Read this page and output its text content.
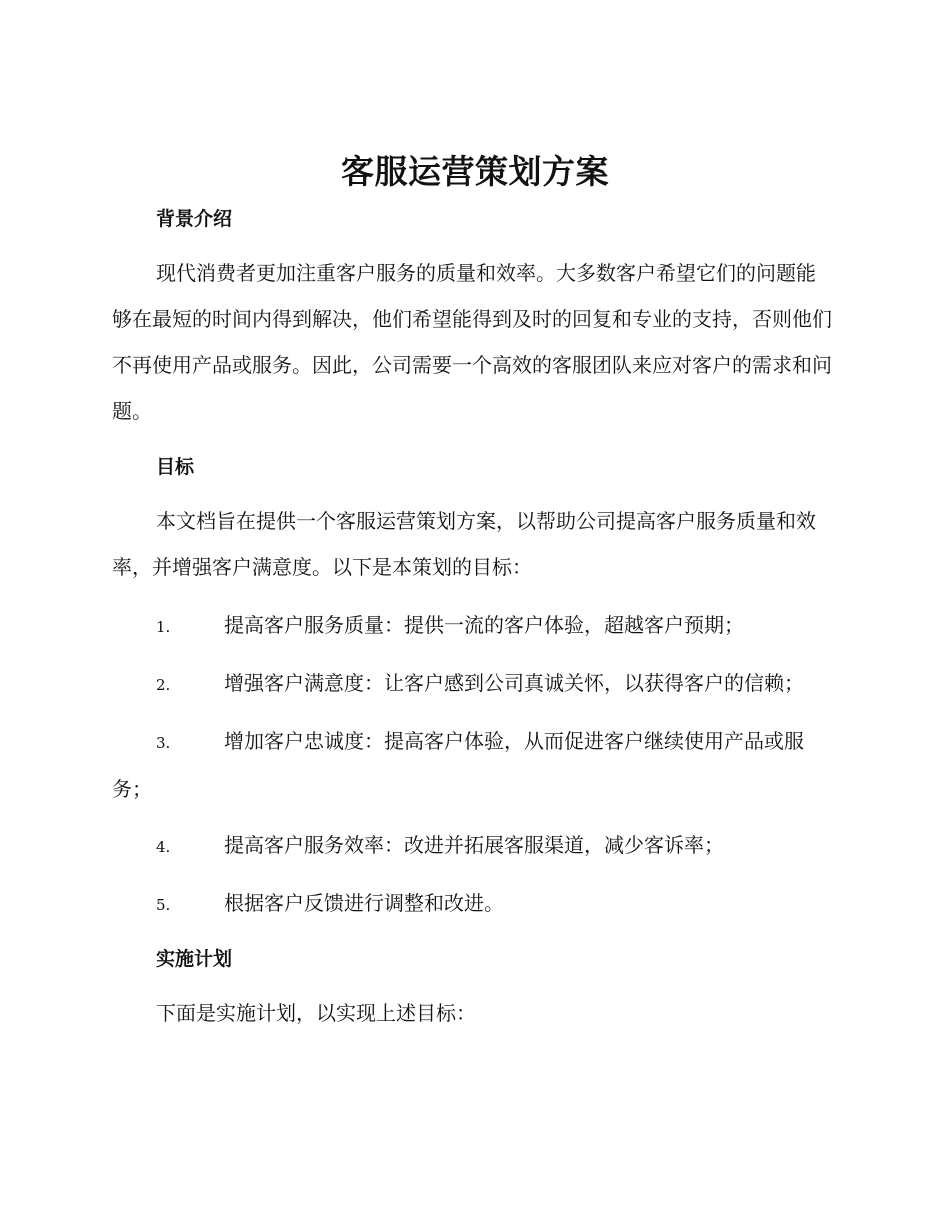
客服运营策划方案
背景介绍

现代消费者更加注重客户服务的质量和效率。大多数客户希望它们的问题能够在最短的时间内得到解决，他们希望能得到及时的回复和专业的支持，否则他们不再使用产品或服务。因此，公司需要一个高效的客服团队来应对客户的需求和问题。

目标

本文档旨在提供一个客服运营策划方案，以帮助公司提高客户服务质量和效率，并增强客户满意度。以下是本策划的目标：

1.	提高客户服务质量：提供一流的客户体验，超越客户预期；

2.	增强客户满意度：让客户感到公司真诚关怀，以获得客户的信赖；

3.	增加客户忠诚度：提高客户体验，从而促进客户继续使用产品或服务；

4.	提高客户服务效率：改进并拓展客服渠道，减少客诉率；

5.	根据客户反馈进行调整和改进。

实施计划

下面是实施计划，以实现上述目标：
